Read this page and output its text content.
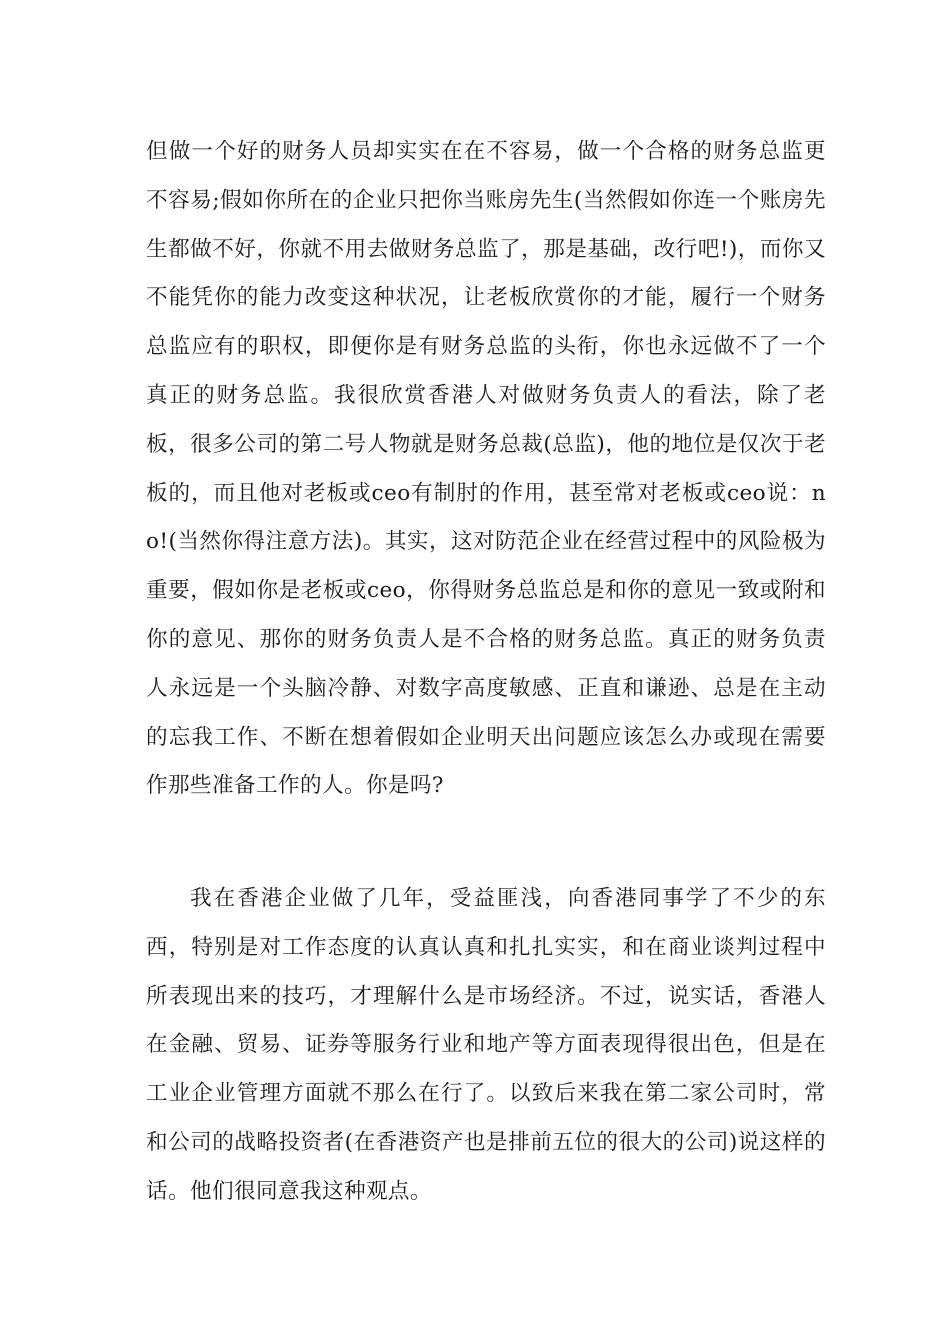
但做一个好的财务人员却实实在在不容易，做一个合格的财务总监更不容易;假如你所在的企业只把你当账房先生(当然假如你连一个账房先生都做不好，你就不用去做财务总监了，那是基础，改行吧!)，而你又不能凭你的能力改变这种状况，让老板欣赏你的才能，履行一个财务总监应有的职权，即便你是有财务总监的头衔，你也永远做不了一个真正的财务总监。我很欣赏香港人对做财务负责人的看法，除了老板，很多公司的第二号人物就是财务总裁(总监)，他的地位是仅次于老板的，而且他对老板或ceo有制肘的作用，甚至常对老板或ceo说：no!(当然你得注意方法)。其实，这对防范企业在经营过程中的风险极为重要，假如你是老板或ceo，你得财务总监总是和你的意见一致或附和你的意见、那你的财务负责人是不合格的财务总监。真正的财务负责人永远是一个头脑冷静、对数字高度敏感、正直和谦逊、总是在主动的忘我工作、不断在想着假如企业明天出问题应该怎么办或现在需要作那些准备工作的人。你是吗?

我在香港企业做了几年，受益匪浅，向香港同事学了不少的东西，特别是对工作态度的认真认真和扎扎实实，和在商业谈判过程中所表现出来的技巧，才理解什么是市场经济。不过，说实话，香港人在金融、贸易、证券等服务行业和地产等方面表现得很出色，但是在工业企业管理方面就不那么在行了。以致后来我在第二家公司时，常和公司的战略投资者(在香港资产也是排前五位的很大的公司)说这样的话。他们很同意我这种观点。
